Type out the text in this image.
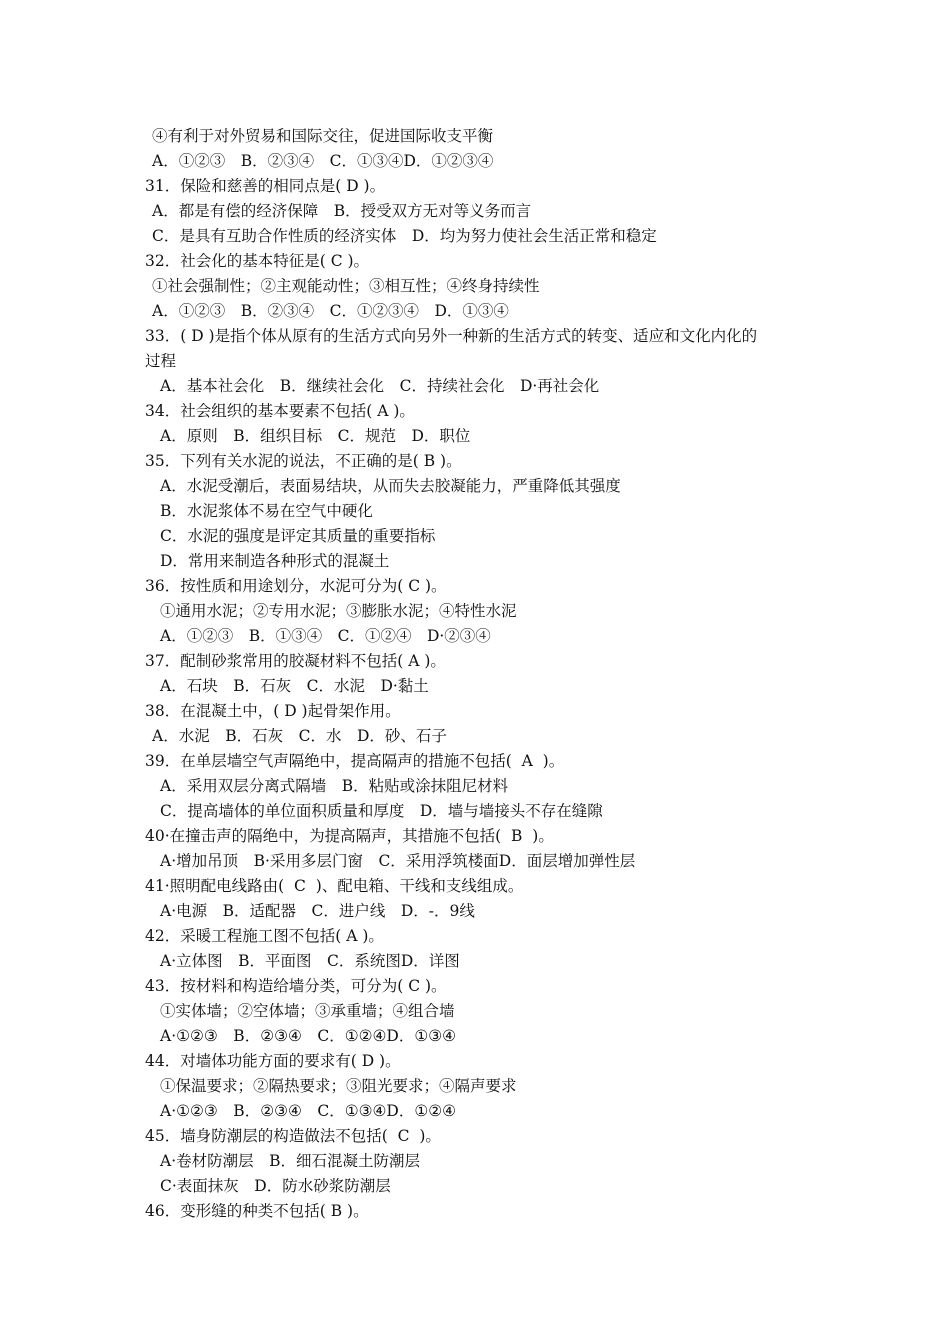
④有利于对外贸易和国际交往，促进国际收支平衡
A．①②③　B．②③④　C．①③④D．①②③④
31．保险和慈善的相同点是( D )。
A．都是有偿的经济保障　B．授受双方无对等义务而言
C．是具有互助合作性质的经济实体　D．均为努力使社会生活正常和稳定
32．社会化的基本特征是( C )。
①社会强制性；②主观能动性；③相互性；④终身持续性
A．①②③　B．②③④　C．①②③④　D．①③④
33．( D )是指个体从原有的生活方式向另外一种新的生活方式的转变、适应和文化内化的
过程
A．基本社会化　B．继续社会化　C．持续社会化　D·再社会化
34．社会组织的基本要素不包括( A )。
A．原则　B．组织目标　C．规范　D．职位
35．下列有关水泥的说法，不正确的是( B )。
A．水泥受潮后，表面易结块，从而失去胶凝能力，严重降低其强度
B．水泥浆体不易在空气中硬化
C．水泥的强度是评定其质量的重要指标
D．常用来制造各种形式的混凝土
36．按性质和用途划分，水泥可分为( C )。
①通用水泥；②专用水泥；③膨胀水泥；④特性水泥
A．①②③　B．①③④　C．①②④　D·②③④
37．配制砂浆常用的胶凝材料不包括( A )。
A．石块　B．石灰　C．水泥　D·黏土
38．在混凝土中，( D )起骨架作用。
A．水泥　B．石灰　C．水　D．砂、石子
39．在单层墙空气声隔绝中，提高隔声的措施不包括(  A  )。
A．采用双层分离式隔墙　B．粘贴或涂抹阻尼材料
C．提高墙体的单位面积质量和厚度　D．墙与墙接头不存在缝隙
40·在撞击声的隔绝中，为提高隔声，其措施不包括(  B  )。
A·增加吊顶　B·采用多层门窗　C．采用浮筑楼面D．面层增加弹性层
41·照明配电线路由(  C  )、配电箱、干线和支线组成。
A·电源　B．适配器　C．进户线　D．-．9线
42．采暖工程施工图不包括( A )。
A·立体图　B．平面图　C．系统图D．详图
43．按材料和构造给墙分类，可分为( C )。
①实体墙；②空体墙；③承重墙；④组合墙
A·①②③　B．②③④　C．①②④D．①③④
44．对墙体功能方面的要求有( D )。
①保温要求；②隔热要求；③阻光要求；④隔声要求
A·①②③　B．②③④　C．①③④D．①②④
45．墙身防潮层的构造做法不包括(  C  )。
A·卷材防潮层　B．细石混凝土防潮层
C·表面抹灰　D．防水砂浆防潮层
46．变形缝的种类不包括( B )。
